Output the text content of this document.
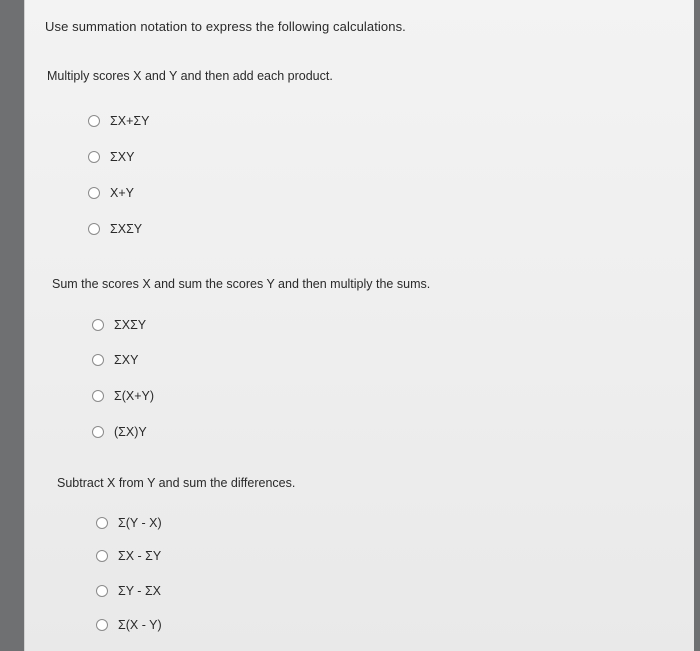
Use summation notation to express the following calculations.
Multiply scores X and Y and then add each product.
ΣX+ΣY
ΣXY
X+Y
ΣXΣY
Sum the scores X and sum the scores Y and then multiply the sums.
ΣXΣY
ΣXY
Σ(X+Y)
(ΣX)Y
Subtract X from Y and sum the differences.
Σ(Y - X)
ΣX - ΣY
ΣY - ΣX
Σ(X - Y)
